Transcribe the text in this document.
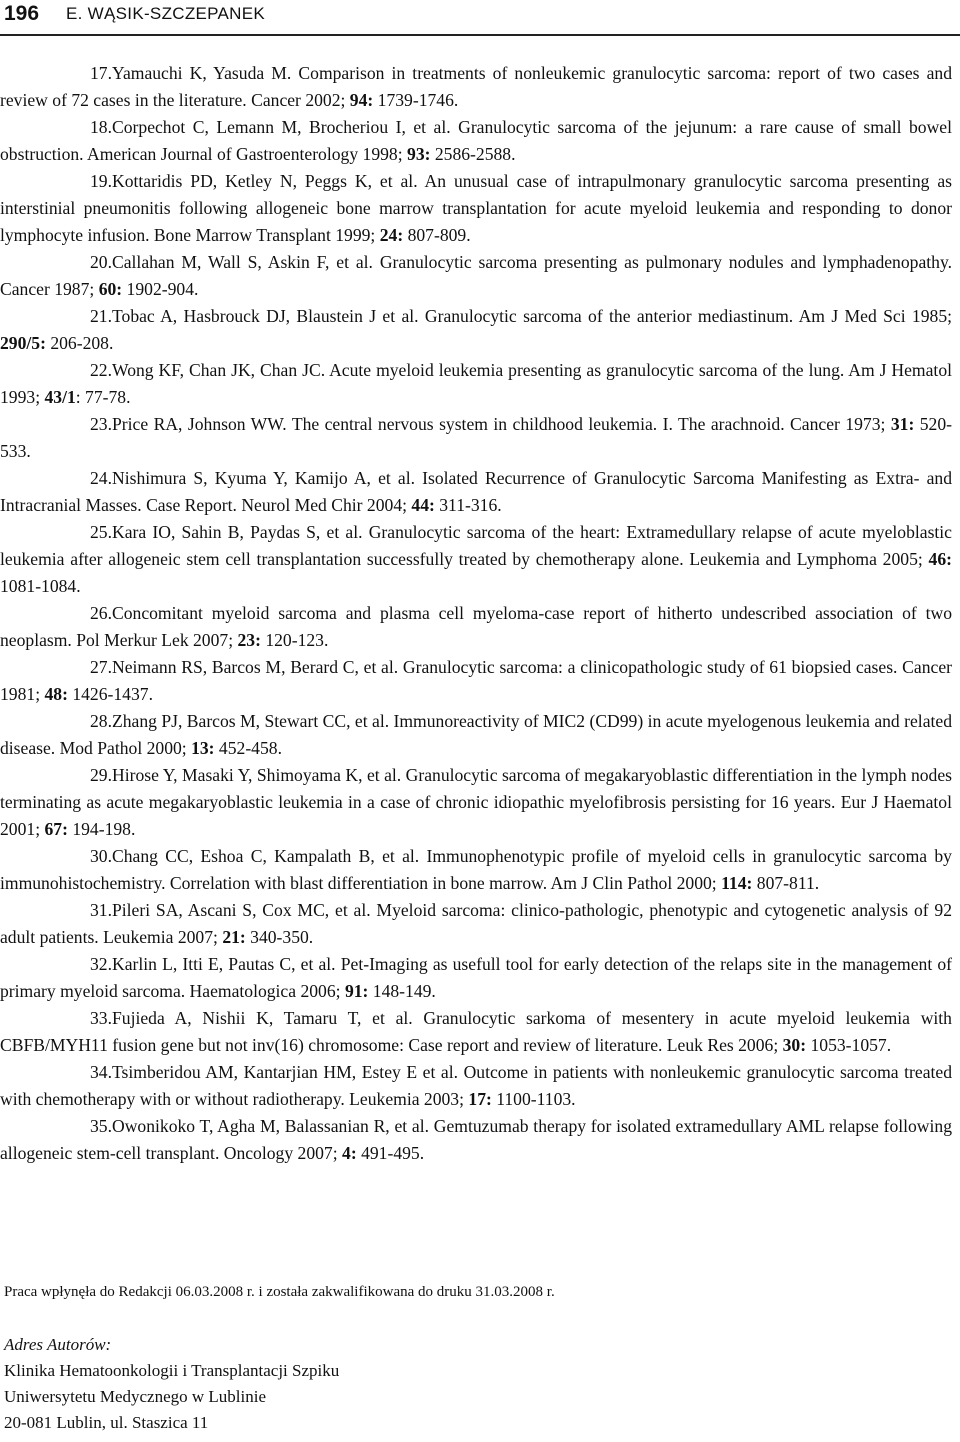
196 E. WĄSIK-SZCZEPANEK

17.Yamauchi K, Yasuda M. Comparison in treatments of nonleukemic granulocytic sarcoma: report of two cases and review of 72 cases in the literature. Cancer 2002; 94: 1739-1746.

18.Corpechot C, Lemann M, Brocheriou I, et al. Granulocytic sarcoma of the jejunum: a rare cause of small bowel obstruction. American Journal of Gastroenterology 1998; 93: 2586-2588.

19.Kottaridis PD, Ketley N, Peggs K, et al. An unusual case of intrapulmonary granulocytic sarcoma presenting as interstinial pneumonitis following allogeneic bone marrow transplantation for acute myeloid leukemia and responding to donor lymphocyte infusion. Bone Marrow Transplant 1999; 24: 807-809.

20.Callahan M, Wall S, Askin F, et al. Granulocytic sarcoma presenting as pulmonary nodules and lymphadenopathy. Cancer 1987; 60: 1902-904.

21.Tobac A, Hasbrouck DJ, Blaustein J et al. Granulocytic sarcoma of the anterior mediastinum. Am J Med Sci 1985; 290/5: 206-208.

22.Wong KF, Chan JK, Chan JC. Acute myeloid leukemia presenting as granulocytic sarcoma of the lung. Am J Hematol 1993; 43/1: 77-78.

23.Price RA, Johnson WW. The central nervous system in childhood leukemia. I. The arachnoid. Cancer 1973; 31: 520-533.

24.Nishimura S, Kyuma Y, Kamijo A, et al. Isolated Recurrence of Granulocytic Sarcoma Manifesting as Extra- and Intracranial Masses. Case Report. Neurol Med Chir 2004; 44: 311-316.

25.Kara IO, Sahin B, Paydas S, et al. Granulocytic sarcoma of the heart: Extramedullary relapse of acute myeloblastic leukemia after allogeneic stem cell transplantation successfully treated by chemotherapy alone. Leukemia and Lymphoma 2005; 46: 1081-1084.

26.Concomitant myeloid sarcoma and plasma cell myeloma-case report of hitherto undescribed association of two neoplasm. Pol Merkur Lek 2007; 23: 120-123.

27.Neimann RS, Barcos M, Berard C, et al. Granulocytic sarcoma: a clinicopathologic study of 61 biopsied cases. Cancer 1981; 48: 1426-1437.

28.Zhang PJ, Barcos M, Stewart CC, et al. Immunoreactivity of MIC2 (CD99) in acute myelogenous leukemia and related disease. Mod Pathol 2000; 13: 452-458.

29.Hirose Y, Masaki Y, Shimoyama K, et al. Granulocytic sarcoma of megakaryoblastic differentiation in the lymph nodes terminating as acute megakaryoblastic leukemia in a case of chronic idiopathic myelofibrosis persisting for 16 years. Eur J Haematol 2001; 67: 194-198.

30.Chang CC, Eshoa C, Kampalath B, et al. Immunophenotypic profile of myeloid cells in granulocytic sarcoma by immunohistochemistry. Correlation with blast differentiation in bone marrow. Am J Clin Pathol 2000; 114: 807-811.

31.Pileri SA, Ascani S, Cox MC, et al. Myeloid sarcoma: clinico-pathologic, phenotypic and cytogenetic analysis of 92 adult patients. Leukemia 2007; 21: 340-350.

32.Karlin L, Itti E, Pautas C, et al. Pet-Imaging as usefull tool for early detection of the relaps site in the management of primary myeloid sarcoma. Haematologica 2006; 91: 148-149.

33.Fujieda A, Nishii K, Tamaru T, et al. Granulocytic sarkoma of mesentery in acute myeloid leukemia with CBFB/MYH11 fusion gene but not inv(16) chromosome: Case report and review of literature. Leuk Res 2006; 30: 1053-1057.

34.Tsimberidou AM, Kantarjian HM, Estey E et al. Outcome in patients with nonleukemic granulocytic sarcoma treated with chemotherapy with or without radiotherapy. Leukemia 2003; 17: 1100-1103.

35.Owonikoko T, Agha M, Balassanian R, et al. Gemtuzumab therapy for isolated extramedullary AML relapse following allogeneic stem-cell transplant. Oncology 2007; 4: 491-495.

Praca wpłynęła do Redakcji 06.03.2008 r. i została zakwalifikowana do druku 31.03.2008 r.
Adres Autorów:
Klinika Hematoonkologii i Transplantacji Szpiku
Uniwersytetu Medycznego w Lublinie
20-081 Lublin, ul. Staszica 11
